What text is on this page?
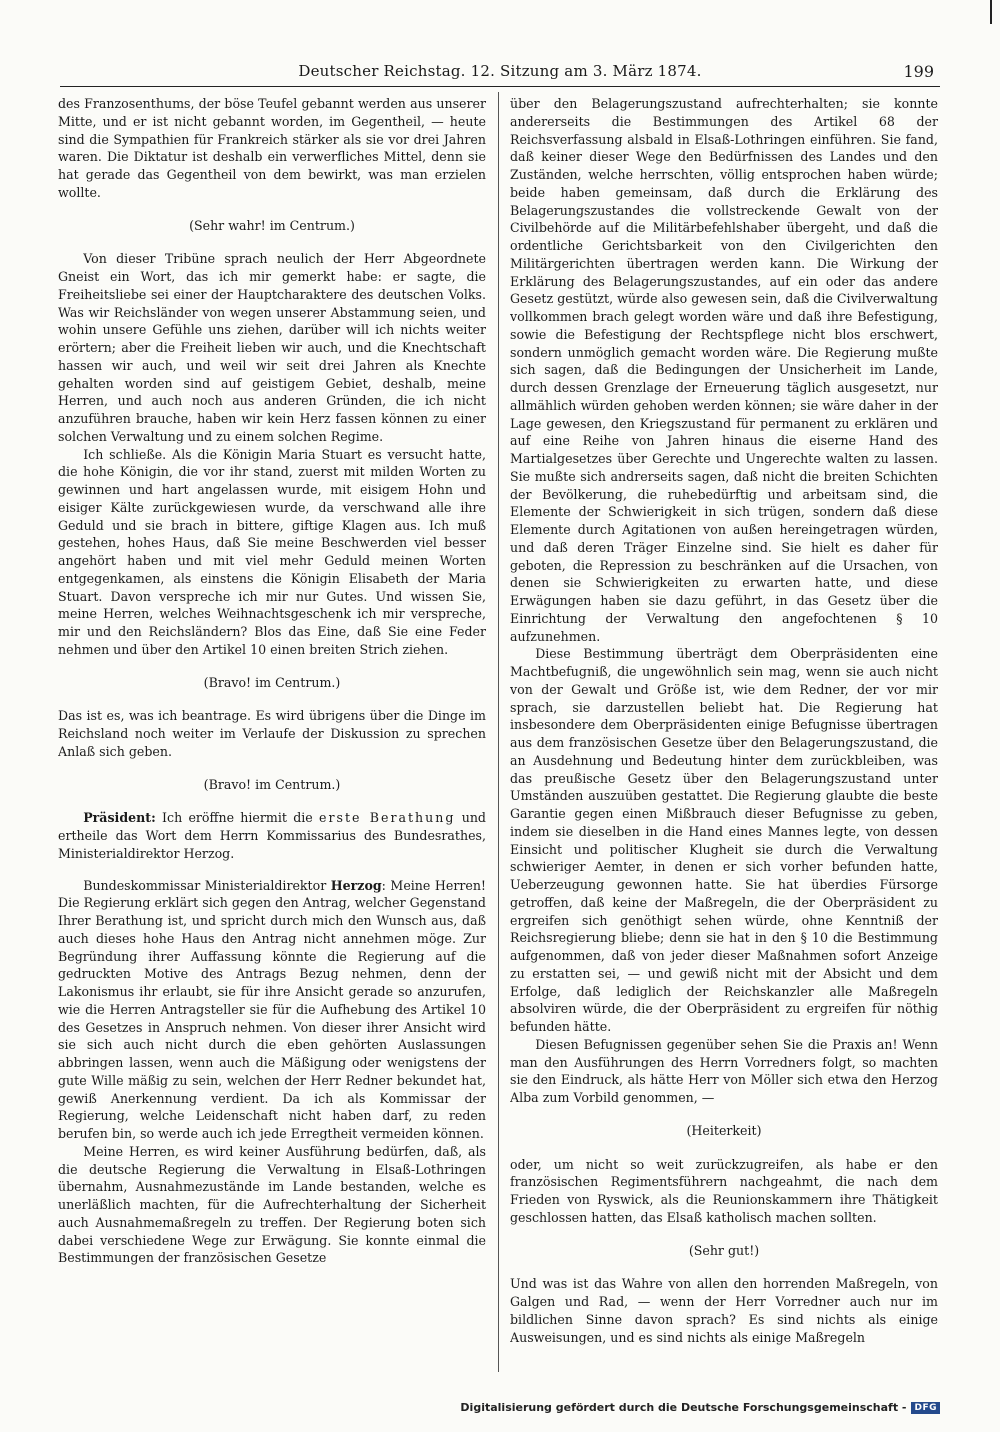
Deutscher Reichstag. 12. Sitzung am 3. März 1874.	199

des Franzosenthums, der böse Teufel gebannt werden aus unserer Mitte, und er ist nicht gebannt worden, im Gegentheil, — heute sind die Sympathien für Frankreich stärker als sie vor drei Jahren waren. Die Diktatur ist deshalb ein verwerfliches Mittel, denn sie hat gerade das Gegentheil von dem bewirkt, was man erzielen wollte.

(Sehr wahr! im Centrum.)

Von dieser Tribüne sprach neulich der Herr Abgeordnete Gneist ein Wort, das ich mir gemerkt habe: er sagte, die Freiheitsliebe sei einer der Hauptcharaktere des deutschen Volks. Was wir Reichsländer von wegen unserer Abstammung seien, und wohin unsere Gefühle uns ziehen, darüber will ich nichts weiter erörtern; aber die Freiheit lieben wir auch, und die Knechtschaft hassen wir auch, und weil wir seit drei Jahren als Knechte gehalten worden sind auf geistigem Gebiet, deshalb, meine Herren, und auch noch aus anderen Gründen, die ich nicht anzuführen brauche, haben wir kein Herz fassen können zu einer solchen Verwaltung und zu einem solchen Regime.

Ich schließe. Als die Königin Maria Stuart es versucht hatte, die hohe Königin, die vor ihr stand, zuerst mit milden Worten zu gewinnen und hart angelassen wurde, mit eisigem Hohn und eisiger Kälte zurückgewiesen wurde, da verschwand alle ihre Geduld und sie brach in bittere, giftige Klagen aus. Ich muß gestehen, hohes Haus, daß Sie meine Beschwerden viel besser angehört haben und mit viel mehr Geduld meinen Worten entgegenkamen, als einstens die Königin Elisabeth der Maria Stuart. Davon verspreche ich mir nur Gutes. Und wissen Sie, meine Herren, welches Weihnachtsgeschenk ich mir verspreche, mir und den Reichsländern? Blos das Eine, daß Sie eine Feder nehmen und über den Artikel 10 einen breiten Strich ziehen.

(Bravo! im Centrum.)

Das ist es, was ich beantrage. Es wird übrigens über die Dinge im Reichsland noch weiter im Verlaufe der Diskussion zu sprechen Anlaß sich geben.

(Bravo! im Centrum.)

Präsident: Ich eröffne hiermit die erste Berathung und ertheile das Wort dem Herrn Kommissarius des Bundesrathes, Ministerialdirektor Herzog.

Bundeskommissar Ministerialdirektor Herzog: Meine Herren! Die Regierung erklärt sich gegen den Antrag, welcher Gegenstand Ihrer Berathung ist, und spricht durch mich den Wunsch aus, daß auch dieses hohe Haus den Antrag nicht annehmen möge. Zur Begründung ihrer Auffassung könnte die Regierung auf die gedruckten Motive des Antrags Bezug nehmen, denn der Lakonismus ihr erlaubt, sie für ihre Ansicht gerade so anzurufen, wie die Herren Antragsteller sie für die Aufhebung des Artikel 10 des Gesetzes in Anspruch nehmen. Von dieser ihrer Ansicht wird sie sich auch nicht durch die eben gehörten Auslassungen abbringen lassen, wenn auch die Mäßigung oder wenigstens der gute Wille mäßig zu sein, welchen der Herr Redner bekundet hat, gewiß Anerkennung verdient. Da ich als Kommissar der Regierung, welche Leidenschaft nicht haben darf, zu reden berufen bin, so werde auch ich jede Erregtheit vermeiden können.

Meine Herren, es wird keiner Ausführung bedürfen, daß, als die deutsche Regierung die Verwaltung in Elsaß-Lothringen übernahm, Ausnahmezustände im Lande bestanden, welche es unerläßlich machten, für die Aufrechterhaltung der Sicherheit auch Ausnahmemaßregeln zu treffen. Der Regierung boten sich dabei verschiedene Wege zur Erwägung. Sie konnte einmal die Bestimmungen der französischen Gesetze

über den Belagerungszustand aufrechterhalten; sie konnte andererseits die Bestimmungen des Artikel 68 der Reichsverfassung alsbald in Elsaß-Lothringen einführen. Sie fand, daß keiner dieser Wege den Bedürfnissen des Landes und den Zuständen, welche herrschten, völlig entsprochen haben würde; beide haben gemeinsam, daß durch die Erklärung des Belagerungszustandes die vollstreckende Gewalt von der Civilbehörde auf die Militärbefehlshaber übergeht, und daß die ordentliche Gerichtsbarkeit von den Civilgerichten den Militärgerichten übertragen werden kann. Die Wirkung der Erklärung des Belagerungszustandes, auf ein oder das andere Gesetz gestützt, würde also gewesen sein, daß die Civilverwaltung vollkommen brach gelegt worden wäre und daß ihre Befestigung, sowie die Befestigung der Rechtspflege nicht blos erschwert, sondern unmöglich gemacht worden wäre. Die Regierung mußte sich sagen, daß die Bedingungen der Unsicherheit im Lande, durch dessen Grenzlage der Erneuerung täglich ausgesetzt, nur allmählich würden gehoben werden können; sie wäre daher in der Lage gewesen, den Kriegszustand für permanent zu erklären und auf eine Reihe von Jahren hinaus die eiserne Hand des Martialgesetzes über Gerechte und Ungerechte walten zu lassen. Sie mußte sich andrerseits sagen, daß nicht die breiten Schichten der Bevölkerung, die ruhebedürftig und arbeitsam sind, die Elemente der Schwierigkeit in sich trügen, sondern daß diese Elemente durch Agitationen von außen hereingetragen würden, und daß deren Träger Einzelne sind. Sie hielt es daher für geboten, die Repression zu beschränken auf die Ursachen, von denen sie Schwierigkeiten zu erwarten hatte, und diese Erwägungen haben sie dazu geführt, in das Gesetz über die Einrichtung der Verwaltung den angefochtenen § 10 aufzunehmen.

Diese Bestimmung überträgt dem Oberpräsidenten eine Machtbefugniß, die ungewöhnlich sein mag, wenn sie auch nicht von der Gewalt und Größe ist, wie dem Redner, der vor mir sprach, sie darzustellen beliebt hat. Die Regierung hat insbesondere dem Oberpräsidenten einige Befugnisse übertragen aus dem französischen Gesetze über den Belagerungszustand, die an Ausdehnung und Bedeutung hinter dem zurückbleiben, was das preußische Gesetz über den Belagerungszustand unter Umständen auszuüben gestattet. Die Regierung glaubte die beste Garantie gegen einen Mißbrauch dieser Befugnisse zu geben, indem sie dieselben in die Hand eines Mannes legte, von dessen Einsicht und politischer Klugheit sie durch die Verwaltung schwieriger Aemter, in denen er sich vorher befunden hatte, Ueberzeugung gewonnen hatte. Sie hat überdies Fürsorge getroffen, daß keine der Maßregeln, die der Oberpräsident zu ergreifen sich genöthigt sehen würde, ohne Kenntniß der Reichsregierung bliebe; denn sie hat in den § 10 die Bestimmung aufgenommen, daß von jeder dieser Maßnahmen sofort Anzeige zu erstatten sei, — und gewiß nicht mit der Absicht und dem Erfolge, daß lediglich der Reichskanzler alle Maßregeln absolviren würde, die der Oberpräsident zu ergreifen für nöthig befunden hätte.

Diesen Befugnissen gegenüber sehen Sie die Praxis an! Wenn man den Ausführungen des Herrn Vorredners folgt, so machten sie den Eindruck, als hätte Herr von Möller sich etwa den Herzog Alba zum Vorbild genommen, —

(Heiterkeit)

oder, um nicht so weit zurückzugreifen, als habe er den französischen Regimentsführern nachgeahmt, die nach dem Frieden von Ryswick, als die Reunionskammern ihre Thätigkeit geschlossen hatten, das Elsaß katholisch machen sollten.

(Sehr gut!)

Und was ist das Wahre von allen den horrenden Maßregeln, von Galgen und Rad, — wenn der Herr Vorredner auch nur im bildlichen Sinne davon sprach? Es sind nichts als einige Ausweisungen, und es sind nichts als einige Maßregeln

Digitalisierung gefördert durch die Deutsche Forschungsgemeinschaft - DFG
